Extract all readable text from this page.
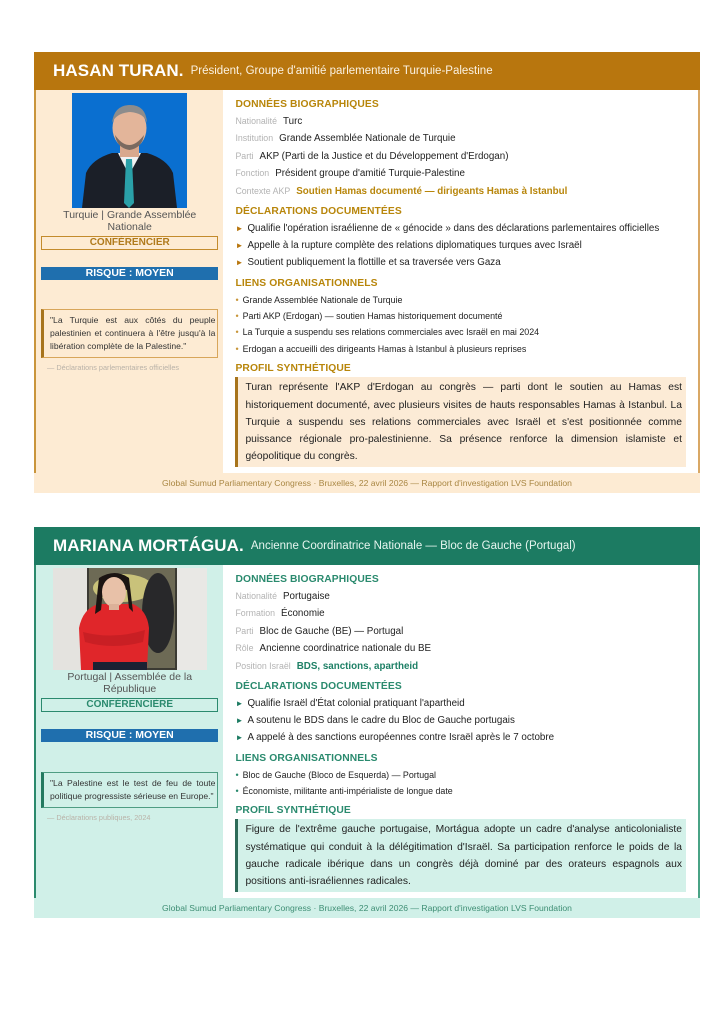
HASAN TURAN. Président, Groupe d'amitié parlementaire Turquie-Palestine
Turquie | Grande Assemblée Nationale
CONFÉRENCIER
RISQUE : MOYEN
"La Turquie est aux côtés du peuple palestinien et continuera à l'être jusqu'à la libération complète de la Palestine."
— Déclarations parlementaires officielles
DONNÉES BIOGRAPHIQUES
Nationalité Turc
Institution Grande Assemblée Nationale de Turquie
Parti AKP (Parti de la Justice et du Développement d'Erdogan)
Fonction Président groupe d'amitié Turquie-Palestine
Contexte AKP Soutien Hamas documenté — dirigeants Hamas à Istanbul
DÉCLARATIONS DOCUMENTÉES
► Qualifie l'opération israélienne de « génocide » dans des déclarations parlementaires officielles
► Appelle à la rupture complète des relations diplomatiques turques avec Israël
► Soutient publiquement la flottille et sa traversée vers Gaza
LIENS ORGANISATIONNELS
• Grande Assemblée Nationale de Turquie
• Parti AKP (Erdogan) — soutien Hamas historiquement documenté
• La Turquie a suspendu ses relations commerciales avec Israël en mai 2024
• Erdogan a accueilli des dirigeants Hamas à Istanbul à plusieurs reprises
PROFIL SYNTHÉTIQUE
Turan représente l'AKP d'Erdogan au congrès — parti dont le soutien au Hamas est historiquement documenté, avec plusieurs visites de hauts responsables Hamas à Istanbul. La Turquie a suspendu ses relations commerciales avec Israël et s'est positionnée comme puissance régionale pro-palestinienne. Sa présence renforce la dimension islamiste et géopolitique du congrès.
Global Sumud Parliamentary Congress · Bruxelles, 22 avril 2026 — Rapport d'investigation LVS Foundation
MARIANA MORTÁGUA. Ancienne Coordinatrice Nationale — Bloc de Gauche (Portugal)
Portugal | Assemblée de la République
CONFÉRENCIÈRE
RISQUE : MOYEN
"La Palestine est le test de feu de toute politique progressiste sérieuse en Europe."
— Déclarations publiques, 2024
DONNÉES BIOGRAPHIQUES
Nationalité Portugaise
Formation Économie
Parti Bloc de Gauche (BE) — Portugal
Rôle Ancienne coordinatrice nationale du BE
Position Israël BDS, sanctions, apartheid
DÉCLARATIONS DOCUMENTÉES
► Qualifie Israël d'État colonial pratiquant l'apartheid
► A soutenu le BDS dans le cadre du Bloc de Gauche portugais
► A appelé à des sanctions européennes contre Israël après le 7 octobre
LIENS ORGANISATIONNELS
• Bloc de Gauche (Bloco de Esquerda) — Portugal
• Économiste, militante anti-impérialiste de longue date
PROFIL SYNTHÉTIQUE
Figure de l'extrême gauche portugaise, Mortágua adopte un cadre d'analyse anticolonialiste systématique qui conduit à la délégitimation d'Israël. Sa participation renforce le poids de la gauche radicale ibérique dans un congrès déjà dominé par des orateurs espagnols aux positions anti-israéliennes radicales.
Global Sumud Parliamentary Congress · Bruxelles, 22 avril 2026 — Rapport d'investigation LVS Foundation
